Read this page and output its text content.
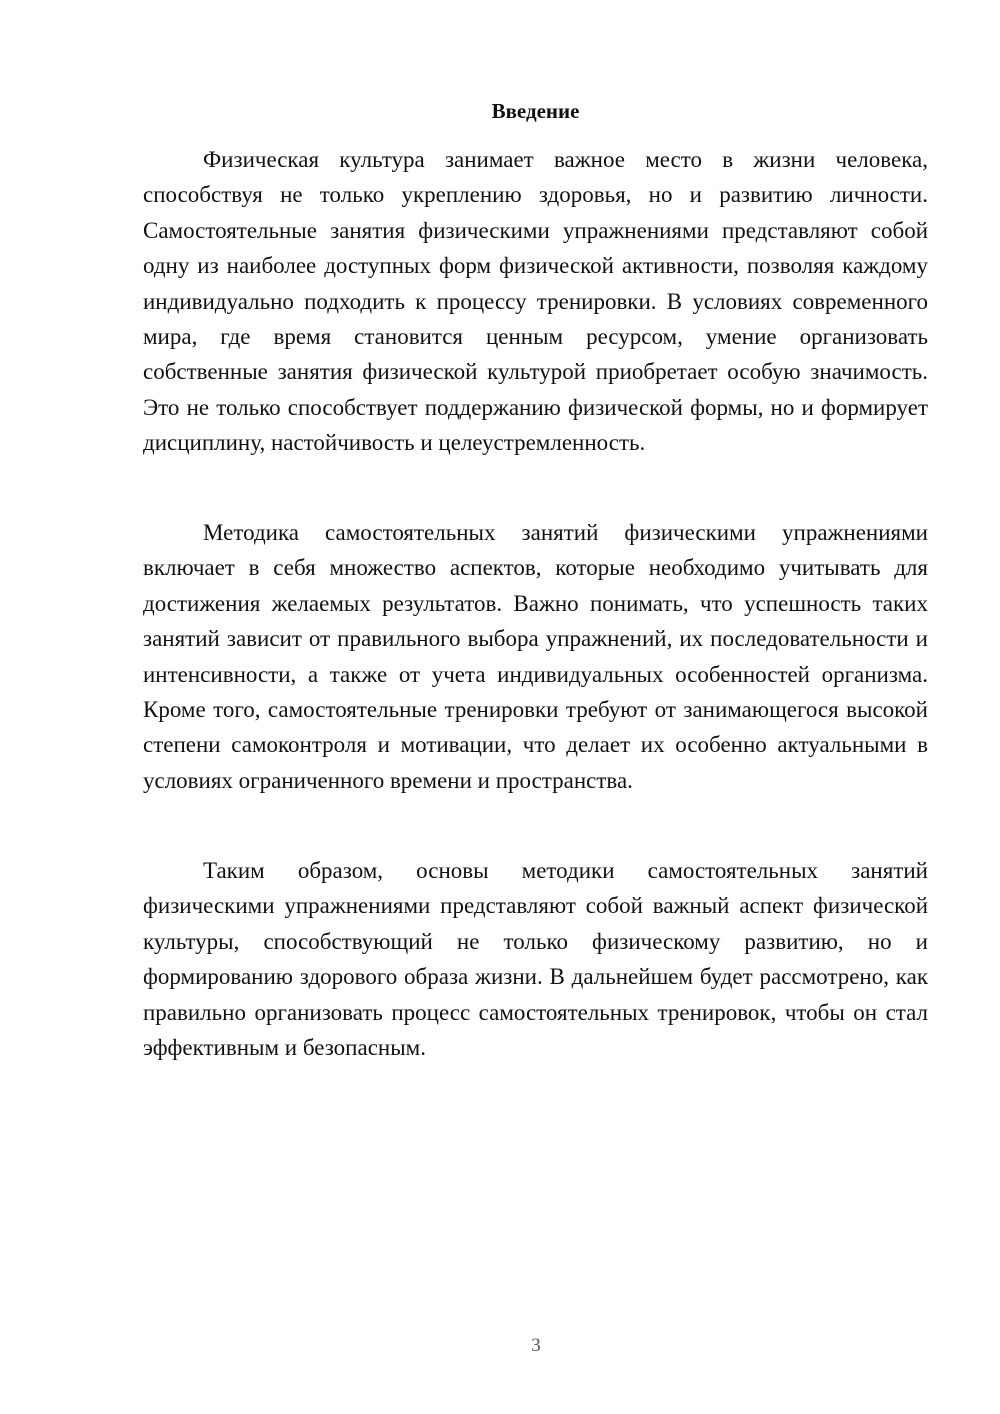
Введение

Физическая культура занимает важное место в жизни человека, способствуя не только укреплению здоровья, но и развитию личности. Самостоятельные занятия физическими упражнениями представляют собой одну из наиболее доступных форм физической активности, позволяя каждому индивидуально подходить к процессу тренировки. В условиях современного мира, где время становится ценным ресурсом, умение организовать собственные занятия физической культурой приобретает особую значимость. Это не только способствует поддержанию физической формы, но и формирует дисциплину, настойчивость и целеустремленность.

Методика самостоятельных занятий физическими упражнениями включает в себя множество аспектов, которые необходимо учитывать для достижения желаемых результатов. Важно понимать, что успешность таких занятий зависит от правильного выбора упражнений, их последовательности и интенсивности, а также от учета индивидуальных особенностей организма. Кроме того, самостоятельные тренировки требуют от занимающегося высокой степени самоконтроля и мотивации, что делает их особенно актуальными в условиях ограниченного времени и пространства.

Таким образом, основы методики самостоятельных занятий физическими упражнениями представляют собой важный аспект физической культуры, способствующий не только физическому развитию, но и формированию здорового образа жизни. В дальнейшем будет рассмотрено, как правильно организовать процесс самостоятельных тренировок, чтобы он стал эффективным и безопасным.

3
